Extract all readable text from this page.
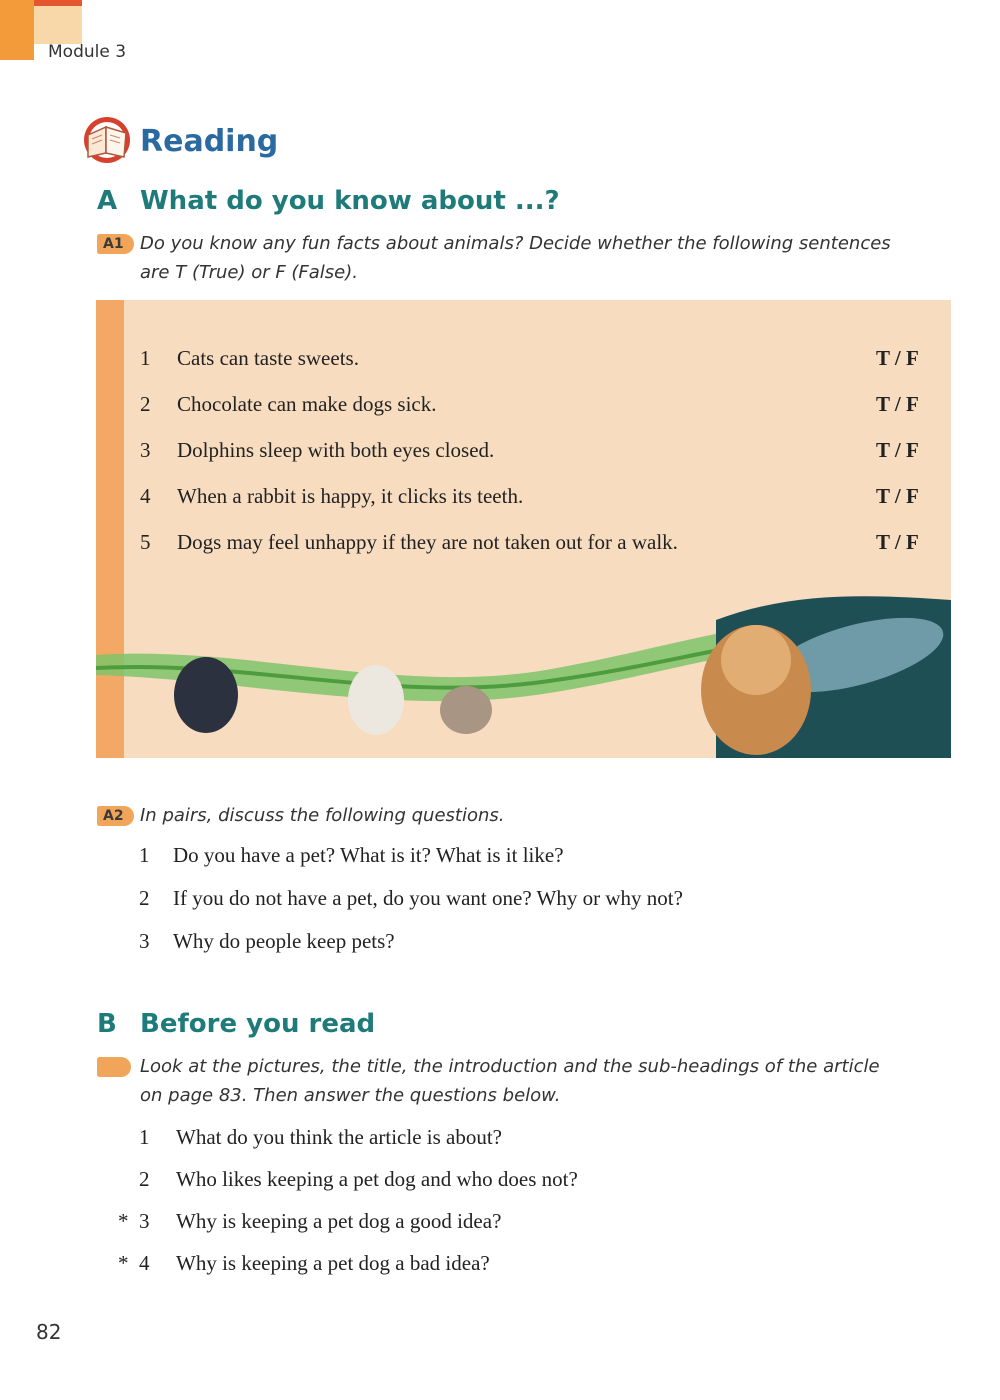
Module 3
Reading
A What do you know about ...?
A1 Do you know any fun facts about animals? Decide whether the following sentences
are T (True) or F (False).
1 Cats can taste sweets.	T / F
2 Chocolate can make dogs sick.	T / F
3 Dolphins sleep with both eyes closed.	T / F
4 When a rabbit is happy, it clicks its teeth.	T / F
5 Dogs may feel unhappy if they are not taken out for a walk.	T / F
A2 In pairs, discuss the following questions.
1 Do you have a pet? What is it? What is it like?
2 If you do not have a pet, do you want one? Why or why not?
3 Why do people keep pets?
B Before you read
Look at the pictures, the title, the introduction and the sub-headings of the article
on page 83. Then answer the questions below.
1 What do you think the article is about?
2 Who likes keeping a pet dog and who does not?
* 3 Why is keeping a pet dog a good idea?
* 4 Why is keeping a pet dog a bad idea?
82
